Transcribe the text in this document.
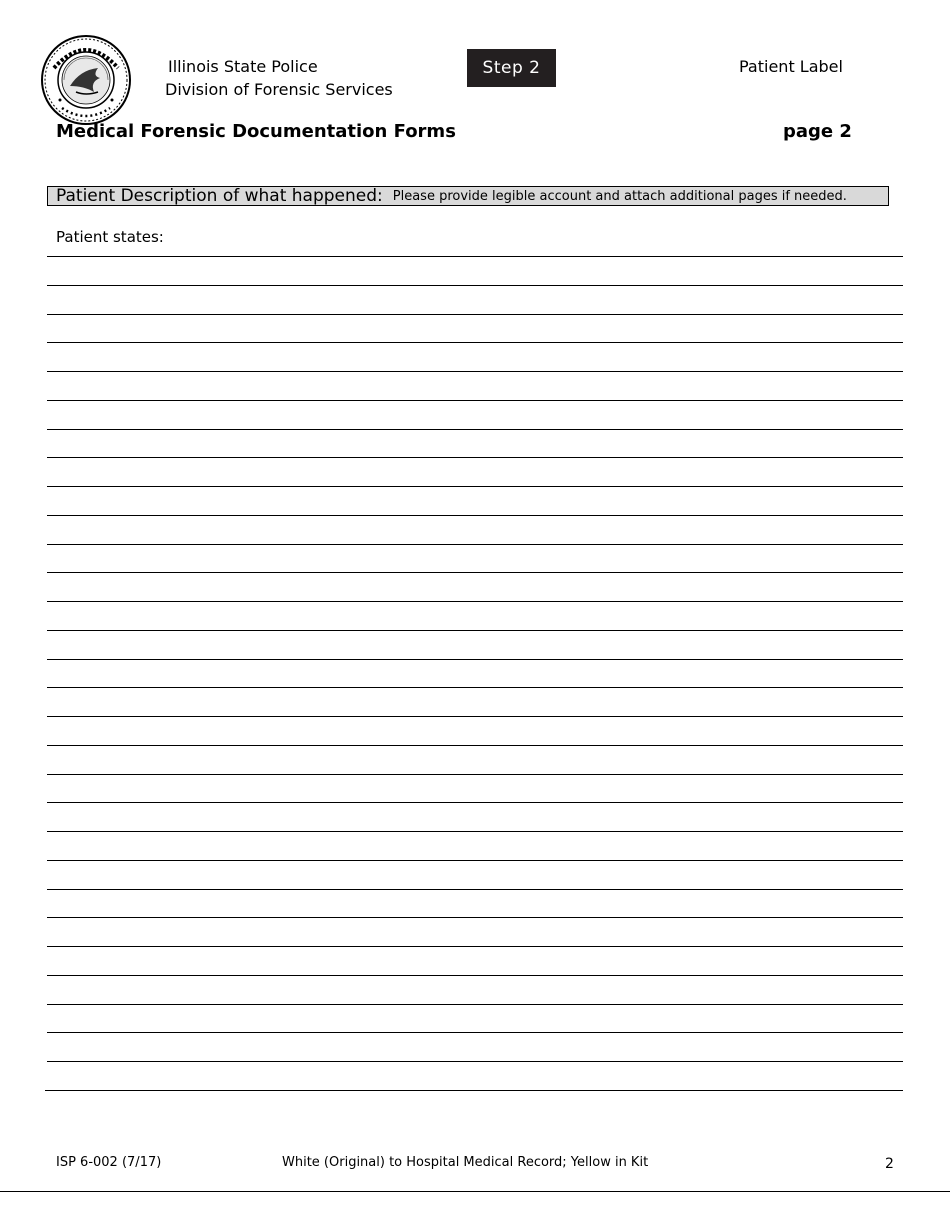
Illinois State Police
Division of Forensic Services
Step 2	Patient Label
Medical Forensic Documentation Forms	page 2
Patient Description of what happened: Please provide legible account and attach additional pages if needed.
Patient states:
ISP 6-002 (7/17)	White (Original) to Hospital Medical Record; Yellow in Kit	2
